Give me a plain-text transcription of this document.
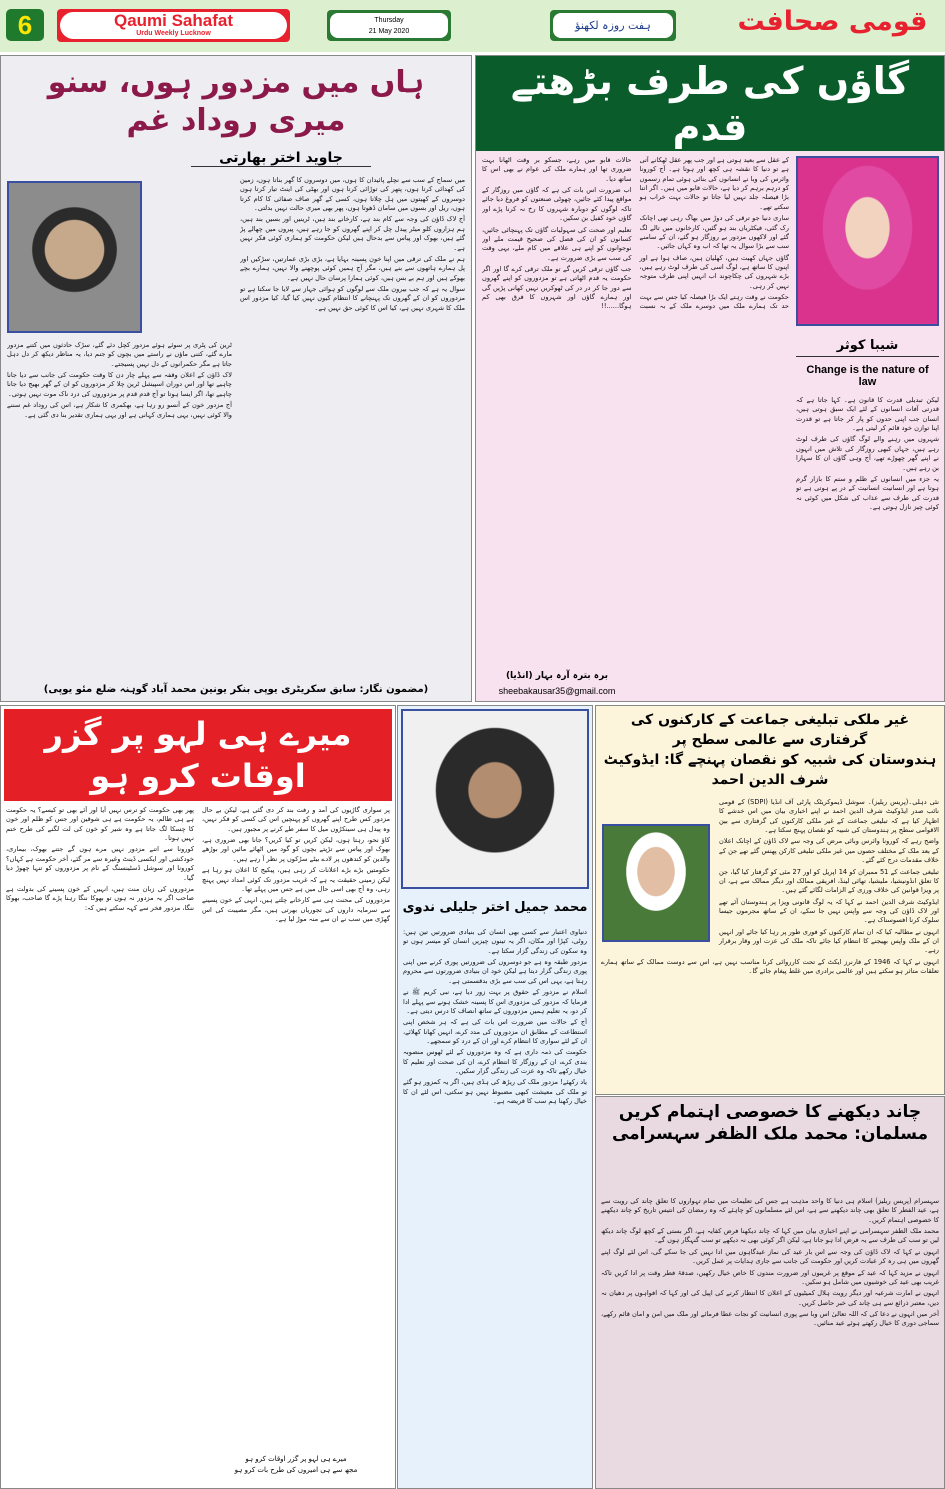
6	Qaumi Sahafat
Urdu Weekly Lucknow
Thursday
21 May 2020	ہفت روزہ لکھنؤ	قومی صحافت
ہاں میں مزدور ہوں، سنو میری روداد غم
جاوید اختر بھارتی

میں سماج کے سب سے نچلے پائیدان کا ہوں، میں دوسروں کا گھر بناتا ہوں، زمین کی کھدائی کرتا ہوں، پتھر کی توڑائی کرتا ہوں اور بھٹی کی اینٹ تیار کرتا ہوں دوسروں کے کھیتوں میں ہل چلاتا ہوں، کسی کے گھر صاف صفائی کا کام کرتا ہوں، ریل اور بسوں میں سامان ڈھوتا ہوں، پھر بھی میری حالت نہیں بدلتی۔

آج لاک ڈاؤن کی وجہ سے کام بند ہے، کارخانے بند ہیں، ٹرینیں اور بسیں بند ہیں، ہم ہزاروں کلو میٹر پیدل چل کر اپنے گھروں کو جا رہے ہیں، پیروں میں چھالے پڑ گئے ہیں، بھوک اور پیاس سے بدحال ہیں لیکن حکومت کو ہماری کوئی فکر نہیں ہے۔

ہم نے ملک کی ترقی میں اپنا خون پسینہ بہایا ہے، بڑی بڑی عمارتیں، سڑکیں اور پل ہمارے ہاتھوں سے بنے ہیں، مگر آج ہمیں کوئی پوچھنے والا نہیں، ہمارے بچے بھوکے ہیں اور ہم بے بس ہیں، کوئی ہمارا پرسان حال نہیں ہے۔

سوال یہ ہے کہ جب بیرون ملک سے لوگوں کو ہوائی جہاز سے لایا جا سکتا ہے تو مزدوروں کو ان کے گھروں تک پہنچانے کا انتظام کیوں نہیں کیا گیا، کیا مزدور اس ملک کا شہری نہیں ہے، کیا اس کا کوئی حق نہیں ہے۔

ٹرین کی پٹری پر سوئے ہوئے مزدور کچل دئے گئے، سڑک حادثوں میں کتنے مزدور مارے گئے، کتنی ماؤں نے راستے میں بچوں کو جنم دیا، یہ مناظر دیکھ کر دل دہل جاتا ہے مگر حکمرانوں کے دل نہیں پسیجتے۔

لاک ڈاؤن کے اعلان وقفہ سے پہلے چار دن کا وقت حکومت کی جانب سے دیا جانا چاہیے تھا اور اس دوران اسپیشل ٹرین چلا کر مزدوروں کو ان کے گھر بھیج دیا جانا چاہیے تھا، اگر ایسا ہوتا تو آج قدم قدم پر مزدوروں کی درد ناک موت نہیں ہوتی۔

آج مزدور خون کے آنسو رو رہا ہے، بھکمری کا شکار ہے، اس کی روداد غم سننے والا کوئی نہیں، یہی ہماری کہانی ہے اور یہی ہماری تقدیر بنا دی گئی ہے۔

(مضمون نگار: سابق سکریٹری یوپی بنکر یونین محمد آباد گوہنہ ضلع مئو یوپی)
گاؤں کی طرف بڑھتے قدم
شیبا کوثر
Change is the nature of law

لیکن تبدیلی قدرت کا قانون ہے۔ کہا جاتا ہے کہ قدرتی آفات انسانوں کے لئے ایک سبق ہوتی ہیں، انسان جب اپنی حدوں کو پار کر جاتا ہے تو قدرت اپنا توازن خود قائم کر لیتی ہے۔

شہروں میں رہنے والے لوگ گاؤں کی طرف لوٹ رہے ہیں، جہاں کبھی روزگار کی تلاش میں انہوں نے اپنے گھر چھوڑے تھے، آج وہی گاؤں ان کا سہارا بن رہے ہیں۔

یہ جزء میں انسانوں کے ظلم و ستم کا بازار گرم ہوتا ہے اور انسانیت انسانیت کے در پے ہوتی ہے تو قدرت کی طرف سے عذاب کی شکل میں کوئی نہ کوئی چیز نازل ہوتی ہے۔

کے عقل سے بعید ہوتی ہے اور جب پھر عقل ٹھکانے آتی ہے تو دنیا کا نقشہ ہی کچھ اور ہوتا ہے۔ آج کورونا وائرس کی وبا نے انسانوں کی بنائی ہوئی تمام رسموں کو درہم برہم کر دیا ہے، حالات قابو میں ہیں۔ اگر اتنا بڑا فیصلہ جلد نہیں لیا جاتا تو حالات بہت خراب ہو سکتے تھے۔

ساری دنیا جو ترقی کی دوڑ میں بھاگ رہی تھی اچانک رک گئی، فیکٹریاں بند ہو گئیں، کارخانوں میں تالے لگ گئے اور لاکھوں مزدور بے روزگار ہو گئے، ان کے سامنے سب سے بڑا سوال یہ تھا کہ اب وہ کہاں جائیں۔

گاؤں جہاں کھیت ہیں، کھلیان ہیں، صاف ہوا ہے اور اپنوں کا ساتھ ہے، لوگ اسی کی طرف لوٹ رہے ہیں، بڑے شہروں کی چکاچوند اب انہیں اپنی طرف متوجہ نہیں کر رہی۔

حکومت نے وقت رہتے ایک بڑا فیصلہ کیا جس سے بہت حد تک ہمارے ملک میں دوسرے ملک کے بہ نسبت حالات قابو میں رہے، جسکو بر وقت اٹھانا بہت ضروری تھا اور ہمارے ملک کی عوام نے بھی اس کا ساتھ دیا۔

اب ضرورت اس بات کی ہے کہ گاؤں میں روزگار کے مواقع پیدا کئے جائیں، چھوٹی صنعتوں کو فروغ دیا جائے تاکہ لوگوں کو دوبارہ شہروں کا رخ نہ کرنا پڑے اور گاؤں خود کفیل بن سکیں۔

تعلیم اور صحت کی سہولیات گاؤں تک پہنچائی جائیں، کسانوں کو ان کی فصل کی صحیح قیمت ملے اور نوجوانوں کو اپنے ہی علاقے میں کام ملے، یہی وقت کی سب سے بڑی ضرورت ہے۔

جب گاؤں ترقی کریں گے تو ملک ترقی کرے گا اور اگر حکومت یہ قدم اٹھاتی ہے تو مزدوروں کو اپنے گھروں سے دور جا کر در در کی ٹھوکریں نہیں کھانی پڑیں گی اور ہمارے گاؤں اور شہروں کا فرق بھی کم ہوگا......!!

برہ بترہ آرہ بہار (انڈیا)
sheebakausar35@gmail.com
میرے ہی لہو پر گزر اوقات کرو ہو

پر سواری گاڑیوں کی آمد و رفت بند کر دی گئی ہے، لیکن بے حال مزدور کس طرح اپنے گھروں کو پہنچیں اس کی کسی کو فکر نہیں، وہ پیدل ہی سینکڑوں میل کا سفر طے کرنے پر مجبور ہیں۔

کاؤ نحو، رہتا ہوں، لیکن کریں تو کیا کریں؟ جانا بھی ضروری ہے، بھوک اور پیاس سے تڑپتے بچوں کو گود میں اٹھائے مائیں اور بوڑھے والدین کو کندھوں پر لادے بیٹے سڑکوں پر نظر آ رہے ہیں۔

حکومتیں بڑے بڑے اعلانات کر رہی ہیں، پیکیج کا اعلان ہو رہا ہے لیکن زمینی حقیقت یہ ہے کہ غریب مزدور تک کوئی امداد نہیں پہنچ رہی، وہ آج بھی اسی حال میں ہے جس میں پہلے تھا۔

مزدوروں کی محنت ہی سے کارخانے چلتے ہیں، انہی کے خون پسینے سے سرمایہ داروں کی تجوریاں بھرتی ہیں، مگر مصیبت کی اس گھڑی میں سب نے ان سے منہ موڑ لیا ہے۔

پھر بھی حکومت کو ترس نہیں آیا اور آئے بھی تو کیسے؟ یہ حکومت ہے ہی ظالم، یہ حکومت ہے ہی شوقین اور جس کو ظلم اور خون کا چسکا لگ جاتا ہے وہ شیر کو خون کی لت لگنے کی طرح ختم نہیں ہوتا۔

کورونا سے اتنے مزدور نہیں مرے ہوں گے جتنے بھوک، بیماری، خودکشی اور ایکسی ڈینٹ وغیرہ سے مر گئے، آخر حکومت ہے کہاں؟ کورونا اور سوشل ڈسٹینسنگ کے نام پر مزدوروں کو تنہا چھوڑ دیا گیا۔

مزدوروں کی زبان منت ہیں، انہیں کے خون پسینے کی بدولت ہے صاحب اگر یہ مزدور نہ ہوں تو بھوکا ننگا رہنا پڑے گا صاحب، بھوکا ننگا، مزدور فخر سے کہہ سکتے ہیں کہ:

میرے ہی لہو پر گزر اوقات کرو ہو
مجھ سے ہی امیروں کی طرح بات کرو ہو
محمد جمیل اختر جلیلی ندوی

دنیاوی اعتبار سے کسی بھی انسان کی بنیادی ضرورتیں تین ہیں: روٹی، کپڑا اور مکان، اگر یہ تینوں چیزیں انسان کو میسر ہوں تو وہ سکون کی زندگی گزار سکتا ہے۔

مزدور طبقہ وہ ہے جو دوسروں کی ضرورتیں پوری کرنے میں اپنی پوری زندگی گزار دیتا ہے لیکن خود ان بنیادی ضرورتوں سے محروم رہتا ہے، یہی اس کی سب سے بڑی بدقسمتی ہے۔

اسلام نے مزدور کے حقوق پر بہت زور دیا ہے، نبی کریم ﷺ نے فرمایا کہ مزدور کی مزدوری اس کا پسینہ خشک ہونے سے پہلے ادا کر دو، یہ تعلیم ہمیں مزدوروں کے ساتھ انصاف کا درس دیتی ہے۔

آج کے حالات میں ضرورت اس بات کی ہے کہ ہر شخص اپنی استطاعت کے مطابق ان مزدوروں کی مدد کرے، انہیں کھانا کھلائے، ان کے لئے سواری کا انتظام کرے اور ان کے درد کو سمجھے۔

حکومت کی ذمہ داری ہے کہ وہ مزدوروں کے لئے ٹھوس منصوبہ بندی کرے، ان کے روزگار کا انتظام کرے، ان کی صحت اور تعلیم کا خیال رکھے تاکہ وہ عزت کی زندگی گزار سکیں۔

یاد رکھئے! مزدور ملک کی ریڑھ کی ہڈی ہیں، اگر یہ کمزور ہو گئے تو ملک کی معیشت کبھی مضبوط نہیں ہو سکتی، اس لئے ان کا خیال رکھنا ہم سب کا فریضہ ہے۔

غیر ملکی تبلیغی جماعت کے کارکنوں کی گرفتاری سے عالمی سطح پر
ہندوستان کی شبیہ کو نقصان پہنچے گا: ایڈوکیٹ شرف الدین احمد

نئی دہلی۔(پریس ریلیز)۔ سوشل ڈیموکریٹک پارٹی آف انڈیا (SDPI) کے قومی نائب صدر ایڈوکیٹ شرف الدین احمد نے اپنے اخباری بیان میں اس خدشے کا اظہار کیا ہے کہ تبلیغی جماعت کے غیر ملکی کارکنوں کی گرفتاری سے بین الاقوامی سطح پر ہندوستان کی شبیہ کو نقصان پہنچ سکتا ہے۔

واضح رہے کہ کورونا وائرس وبائی مرض کی وجہ سے لاک ڈاؤن کے اچانک اعلان کے بعد ملک کے مختلف حصوں میں غیر ملکی تبلیغی کارکن پھنس گئے تھے جن کے خلاف مقدمات درج کئے گئے۔

تبلیغی جماعت کے 51 ممبران کو 14 اپریل کو اور 27 مئی کو گرفتار کیا گیا، جن کا تعلق انڈونیشیا، ملیشیا، تھائی لینڈ، افریقی ممالک اور دیگر ممالک سے ہے، ان پر ویزا قوانین کی خلاف ورزی کے الزامات لگائے گئے ہیں۔

ایڈوکیٹ شرف الدین احمد نے کہا کہ یہ لوگ قانونی ویزا پر ہندوستان آئے تھے اور لاک ڈاؤن کی وجہ سے واپس نہیں جا سکے، ان کے ساتھ مجرموں جیسا سلوک کرنا افسوسناک ہے۔

انہوں نے مطالبہ کیا کہ ان تمام کارکنوں کو فوری طور پر رہا کیا جائے اور انہیں ان کے ملک واپس بھیجنے کا انتظام کیا جائے تاکہ ملک کی عزت اور وقار برقرار رہے۔

انہوں نے کہا کہ 1946 کے فارنرز ایکٹ کے تحت کارروائی کرنا مناسب نہیں ہے، اس سے دوست ممالک کے ساتھ ہمارے تعلقات متاثر ہو سکتے ہیں اور عالمی برادری میں غلط پیغام جائے گا۔

چاند دیکھنے کا خصوصی اہتمام کریں
مسلمان: محمد ملک الظفر سہسرامی

سہسرام (پریس ریلیز) اسلام ہی دنیا کا واحد مذہب ہے جس کی تعلیمات میں تمام تہواروں کا تعلق چاند کی رویت سے ہے، عید الفطر کا تعلق بھی چاند دیکھنے سے ہے، اس لئے مسلمانوں کو چاہئے کہ وہ رمضان کی انتیس تاریخ کو چاند دیکھنے کا خصوصی اہتمام کریں۔

محمد ملک الظفر سہسرامی نے اپنے اخباری بیان میں کہا کہ چاند دیکھنا فرض کفایہ ہے، اگر بستی کے کچھ لوگ چاند دیکھ لیں تو سب کی طرف سے یہ فرض ادا ہو جاتا ہے، لیکن اگر کوئی بھی نہ دیکھے تو سب گنہگار ہوں گے۔

انہوں نے کہا کہ لاک ڈاؤن کی وجہ سے اس بار عید کی نماز عیدگاہوں میں ادا نہیں کی جا سکے گی، اس لئے لوگ اپنے گھروں میں ہی رہ کر عبادت کریں اور حکومت کی جانب سے جاری ہدایات پر عمل کریں۔

انہوں نے مزید کہا کہ عید کے موقع پر غریبوں اور ضرورت مندوں کا خاص خیال رکھیں، صدقۂ فطر وقت پر ادا کریں تاکہ غریب بھی عید کی خوشیوں میں شامل ہو سکیں۔

انہوں نے امارت شرعیہ اور دیگر رویت ہلال کمیٹیوں کے اعلان کا انتظار کرنے کی اپیل کی اور کہا کہ افواہوں پر دھیان نہ دیں، معتبر ذرائع سے ہی چاند کی خبر حاصل کریں۔

آخر میں انہوں نے دعا کی کہ اللہ تعالیٰ اس وبا سے پوری انسانیت کو نجات عطا فرمائے اور ملک میں امن و امان قائم رکھے، سماجی دوری کا خیال رکھتے ہوئے عید منائیں۔
